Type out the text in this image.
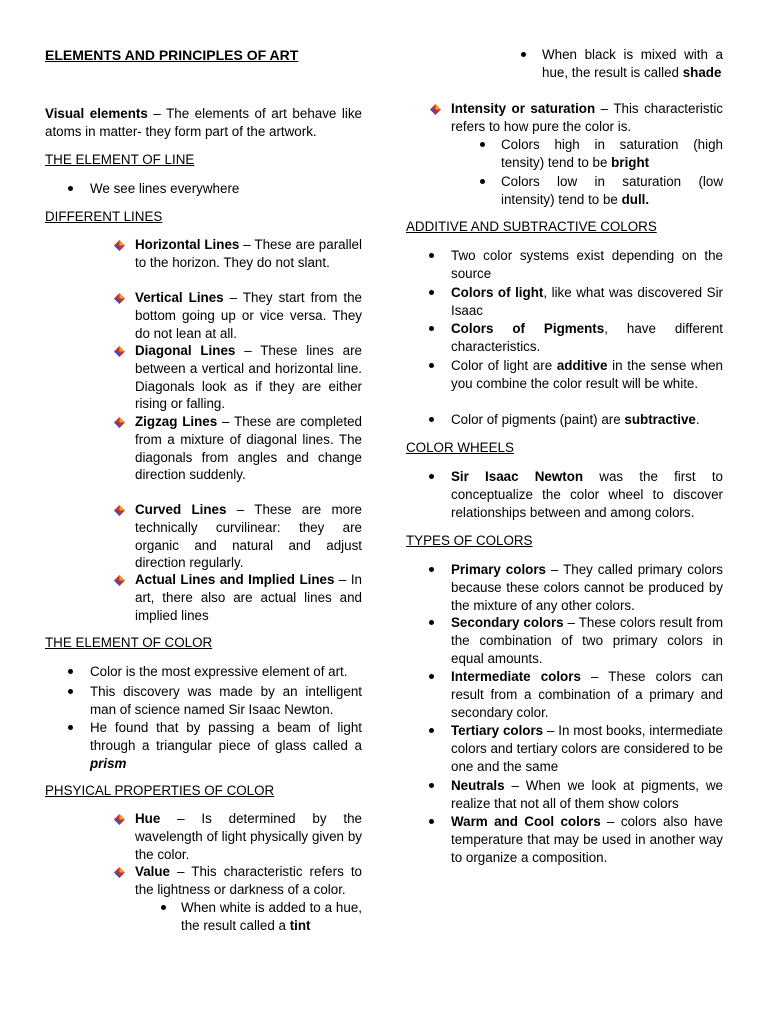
ELEMENTS AND PRINCIPLES OF ART
Visual elements – The elements of art behave like atoms in matter- they form part of the artwork.
THE ELEMENT OF LINE
We see lines everywhere
DIFFERENT LINES
Horizontal Lines – These are parallel to the horizon. They do not slant.
Vertical Lines – They start from the bottom going up or vice versa. They do not lean at all.
Diagonal Lines – These lines are between a vertical and horizontal line. Diagonals look as if they are either rising or falling.
Zigzag Lines – These are completed from a mixture of diagonal lines. The diagonals from angles and change direction suddenly.
Curved Lines – These are more technically curvilinear: they are organic and natural and adjust direction regularly.
Actual Lines and Implied Lines – In art, there also are actual lines and implied lines
THE ELEMENT OF COLOR
Color is the most expressive element of art.
This discovery was made by an intelligent man of science named Sir Isaac Newton.
He found that by passing a beam of light through a triangular piece of glass called a prism
PHSYICAL PROPERTIES OF COLOR
Hue – Is determined by the wavelength of light physically given by the color.
Value – This characteristic refers to the lightness or darkness of a color.
When white is added to a hue, the result called a tint
When black is mixed with a hue, the result is called shade
Intensity or saturation – This characteristic refers to how pure the color is.
Colors high in saturation (high tensity) tend to be bright
Colors low in saturation (low intensity) tend to be dull.
ADDITIVE AND SUBTRACTIVE COLORS
Two color systems exist depending on the source
Colors of light, like what was discovered Sir Isaac
Colors of Pigments, have different characteristics.
Color of light are additive in the sense when you combine the color result will be white.
Color of pigments (paint) are subtractive.
COLOR WHEELS
Sir Isaac Newton was the first to conceptualize the color wheel to discover relationships between and among colors.
TYPES OF COLORS
Primary colors – They called primary colors because these colors cannot be produced by the mixture of any other colors.
Secondary colors – These colors result from the combination of two primary colors in equal amounts.
Intermediate colors – These colors can result from a combination of a primary and secondary color.
Tertiary colors – In most books, intermediate colors and tertiary colors are considered to be one and the same
Neutrals – When we look at pigments, we realize that not all of them show colors
Warm and Cool colors – colors also have temperature that may be used in another way to organize a composition.
